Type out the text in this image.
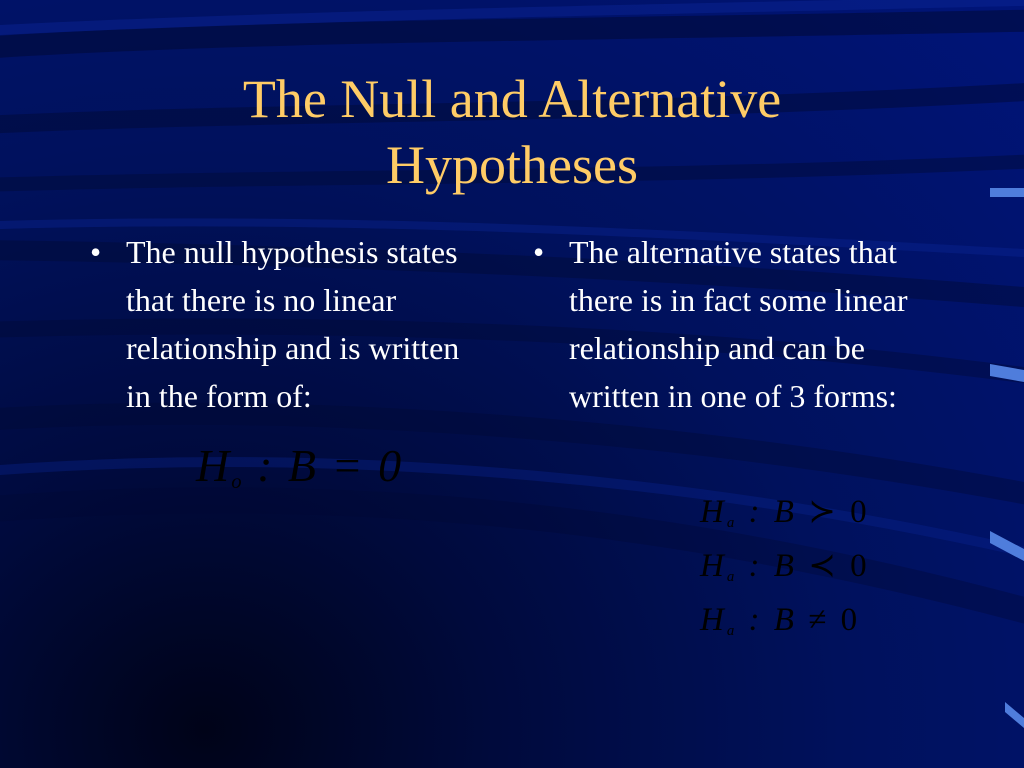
The Null and Alternative
Hypotheses
• The null hypothesis states that there is no linear relationship and is written in the form of:
• The alternative states that there is in fact some linear relationship and can be written in one of 3 forms:
Ho : B = 0
Ha : B ≻ 0
Ha : B ≺ 0
Ha : B ≠ 0
